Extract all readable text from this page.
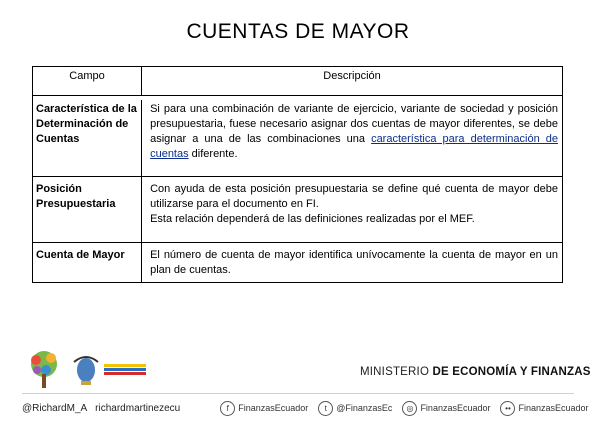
CUENTAS DE MAYOR
Campo	Descripción

Característica de la Determinación de Cuentas	Si para una combinación de variante de ejercicio, variante de sociedad y posición presupuestaria, fuese necesario asignar dos cuentas de mayor diferentes, se debe asignar a una de las combinaciones una característica para determinación de cuentas diferente.
Posición Presupuestaria	Con ayuda de esta posición presupuestaria se define qué cuenta de mayor debe utilizarse para el documento en FI.
Esta relación dependerá de las definiciones realizadas por el MEF.

Cuenta de Mayor	El número de cuenta de mayor identifica unívocamente la cuenta de mayor en un plan de cuentas.
MINISTERIO DE ECONOMÍA Y FINANZAS
@RichardM_A richardmartinezecu	f	FinanzasEcuador	t	@FinanzasEc	◎ FinanzasEcuador	•• FinanzasEcuador
